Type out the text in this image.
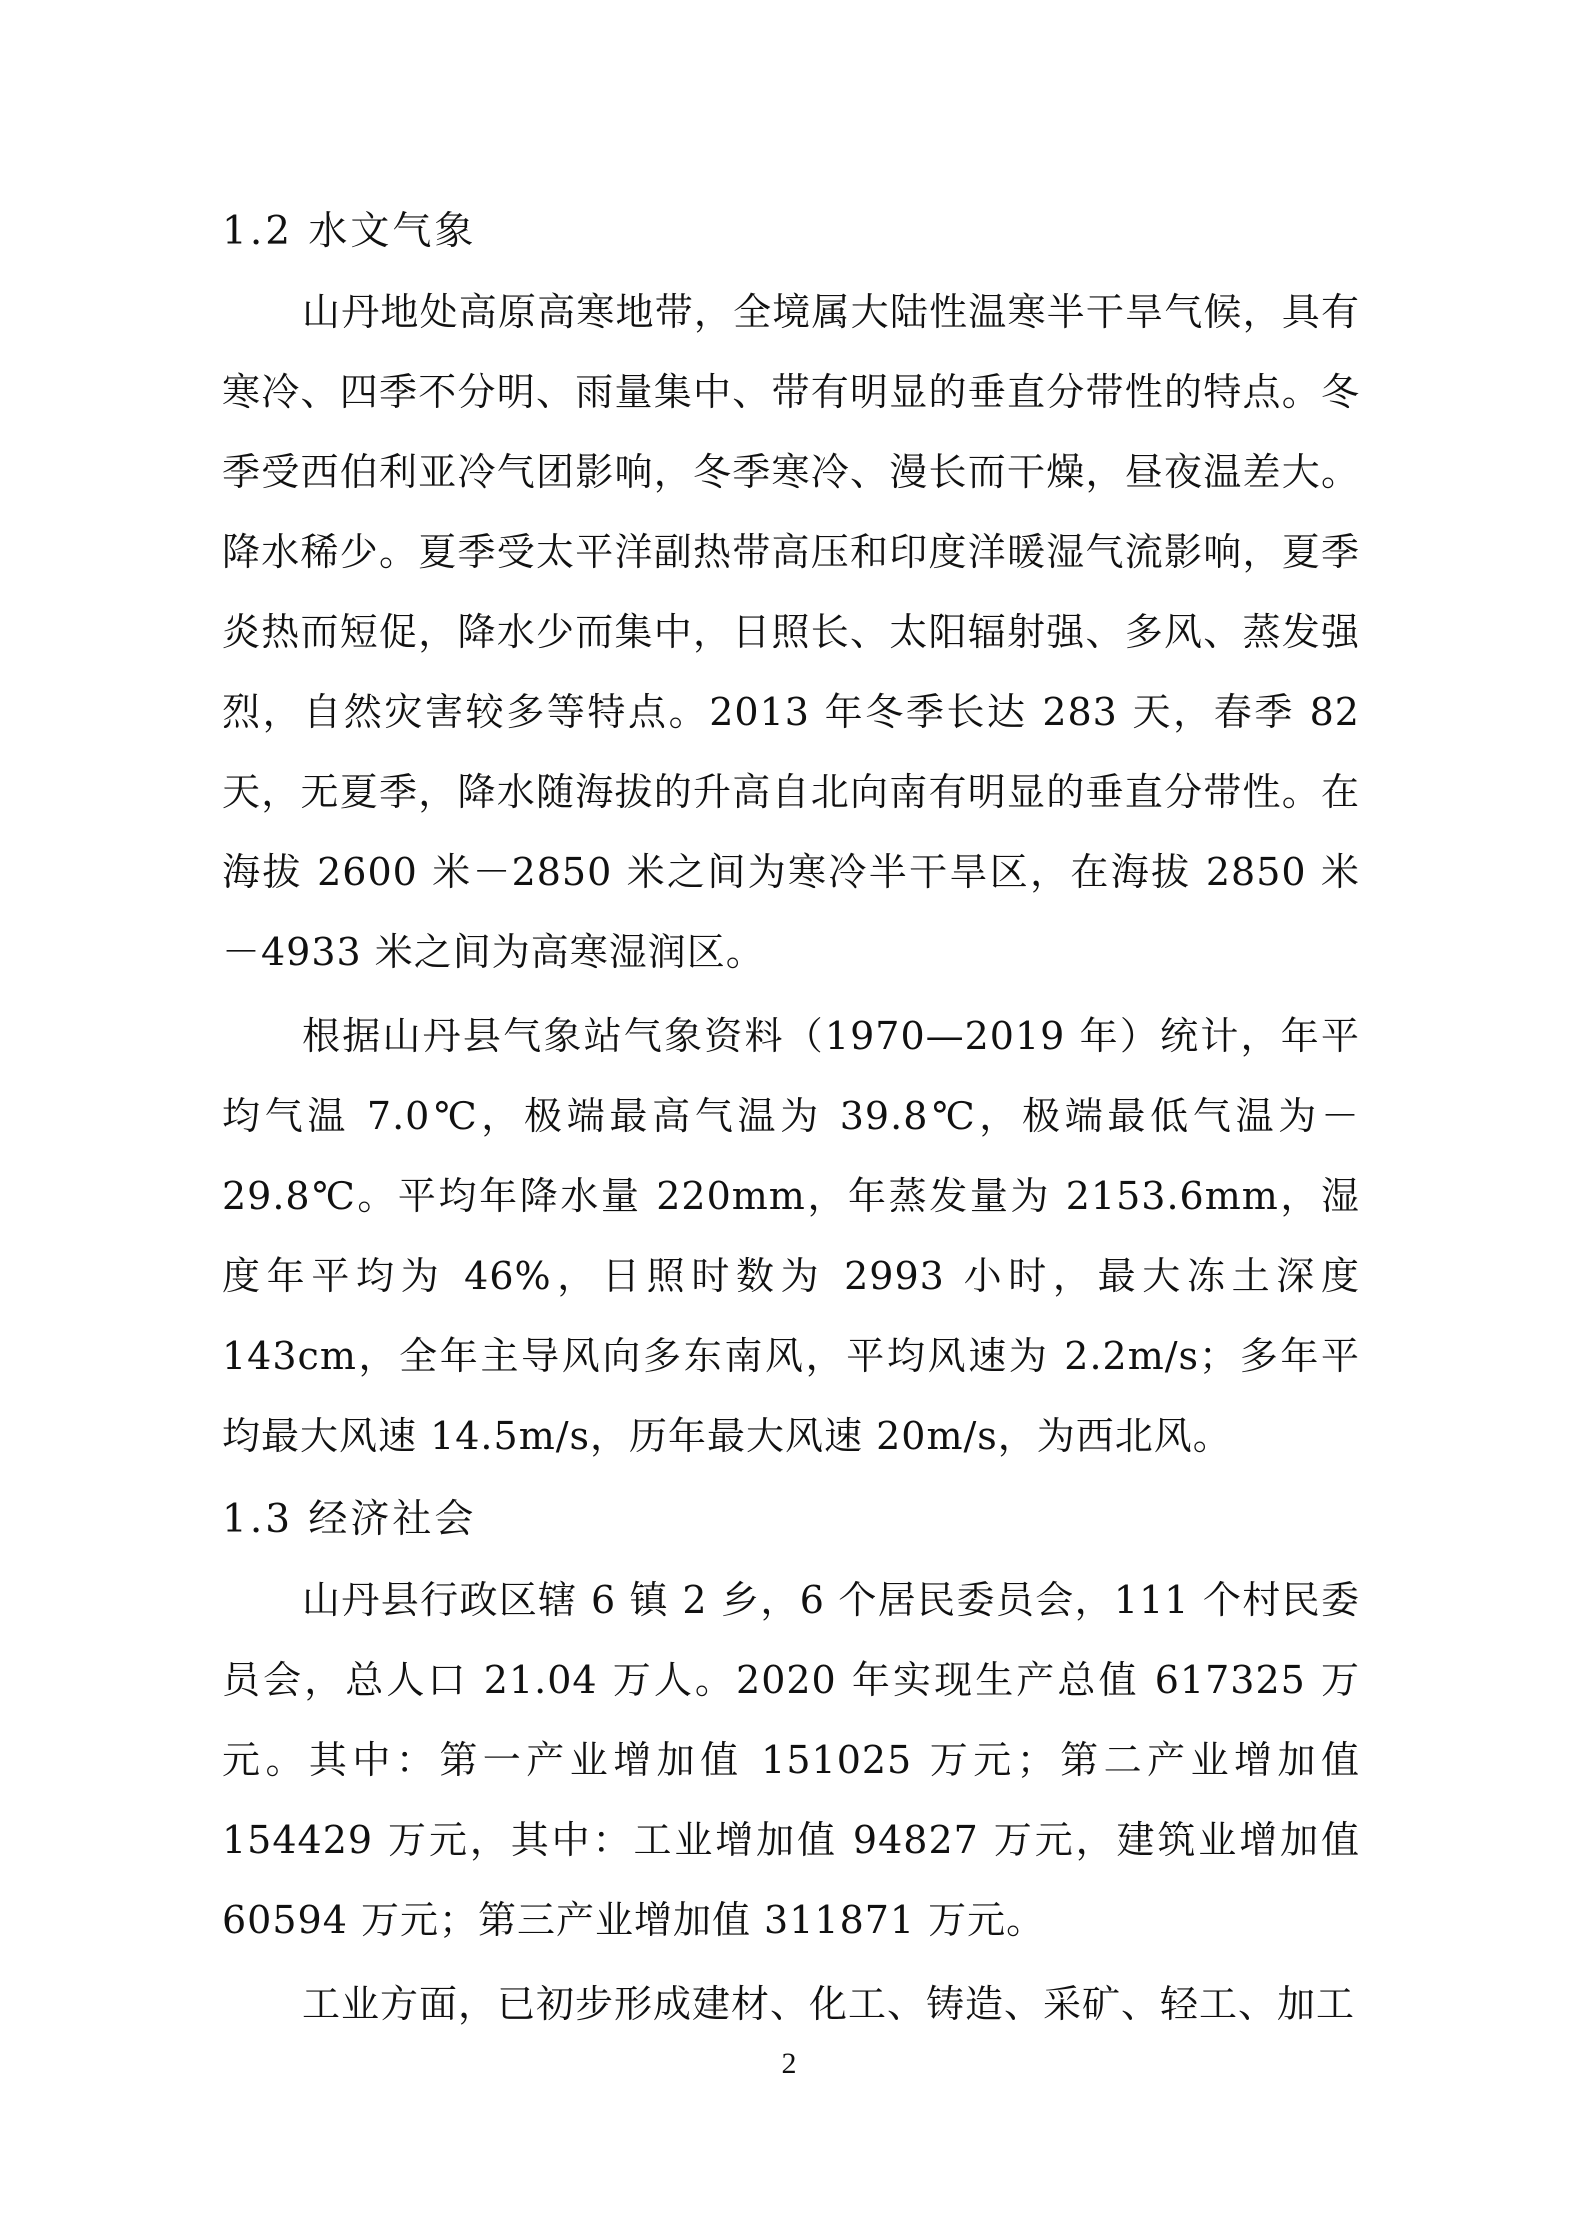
1.2 水文气象

山丹地处高原高寒地带，全境属大陆性温寒半干旱气候，具有寒冷、四季不分明、雨量集中、带有明显的垂直分带性的特点。冬季受西伯利亚冷气团影响，冬季寒冷、漫长而干燥，昼夜温差大。降水稀少。夏季受太平洋副热带高压和印度洋暖湿气流影响，夏季炎热而短促，降水少而集中，日照长、太阳辐射强、多风、蒸发强烈，自然灾害较多等特点。2013 年冬季长达 283 天，春季 82 天，无夏季，降水随海拔的升高自北向南有明显的垂直分带性。在海拔 2600 米－2850 米之间为寒冷半干旱区，在海拔 2850 米－4933 米之间为高寒湿润区。

根据山丹县气象站气象资料（1970—2019 年）统计，年平均气温 7.0℃，极端最高气温为 39.8℃，极端最低气温为－29.8℃。平均年降水量 220mm，年蒸发量为 2153.6mm，湿度年平均为 46%，日照时数为 2993 小时，最大冻土深度 143cm，全年主导风向多东南风，平均风速为 2.2m/s；多年平均最大风速 14.5m/s，历年最大风速 20m/s，为西北风。

1.3 经济社会

山丹县行政区辖 6 镇 2 乡，6 个居民委员会，111 个村民委员会，总人口 21.04 万人。2020 年实现生产总值 617325 万元。其中：第一产业增加值 151025 万元；第二产业增加值 154429 万元，其中：工业增加值 94827 万元，建筑业增加值 60594 万元；第三产业增加值 311871 万元。

工业方面，已初步形成建材、化工、铸造、采矿、轻工、加工

2
